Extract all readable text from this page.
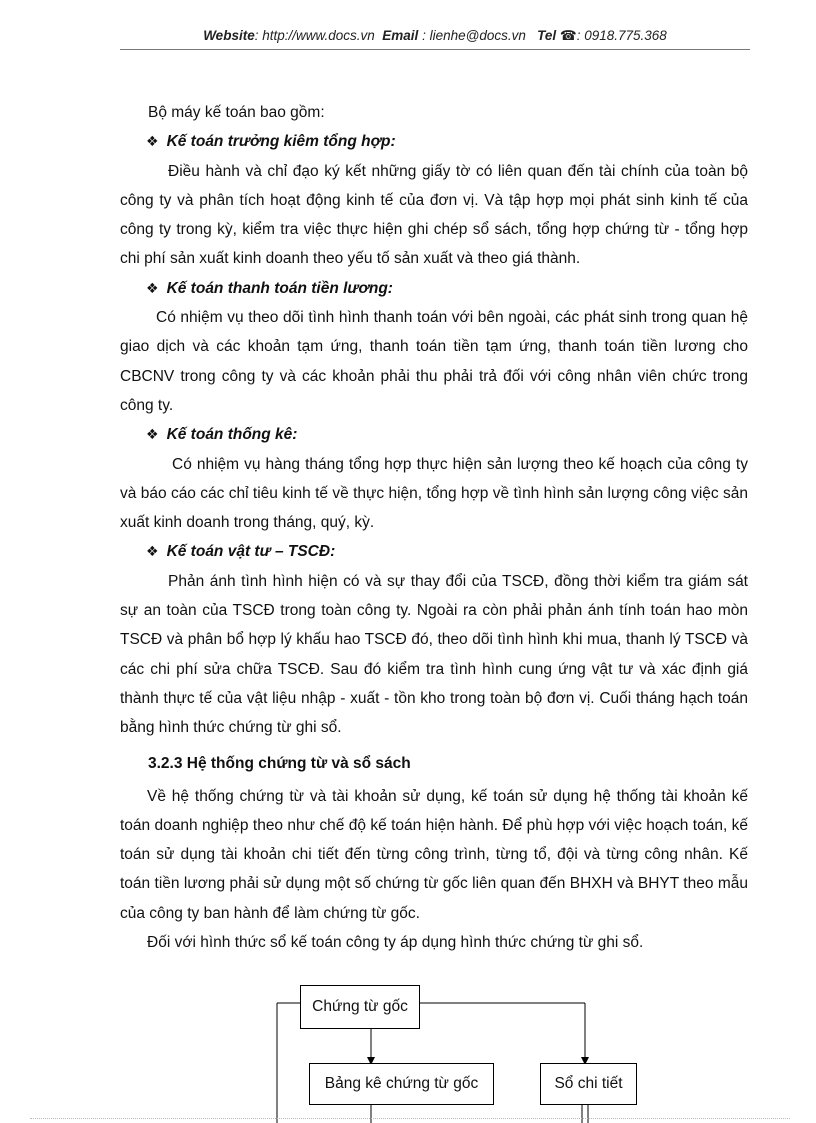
Website: http://www.docs.vn Email : lienhe@docs.vn Tel ☎: 0918.775.368

Bộ máy kế toán bao gồm:

❖ Kế toán trưởng kiêm tổng hợp:

Điều hành và chỉ đạo ký kết những giấy tờ có liên quan đến tài chính của toàn bộ công ty và phân tích hoạt động kinh tế của đơn vị. Và tập hợp mọi phát sinh kinh tế của công ty trong kỳ, kiểm tra việc thực hiện ghi chép sổ sách, tổng hợp chứng từ - tổng hợp chi phí sản xuất kinh doanh theo yếu tố sản xuất và theo giá thành.

❖ Kế toán thanh toán tiền lương:

Có nhiệm vụ theo dõi tình hình thanh toán với bên ngoài, các phát sinh trong quan hệ giao dịch và các khoản tạm ứng, thanh toán tiền tạm ứng, thanh toán tiền lương cho CBCNV trong công ty và các khoản phải thu phải trả đối với công nhân viên chức trong công ty.

❖ Kế toán thống kê:

Có nhiệm vụ hàng tháng tổng hợp thực hiện sản lượng theo kế hoạch của công ty và báo cáo các chỉ tiêu kinh tế về thực hiện, tổng hợp về tình hình sản lượng công việc sản xuất kinh doanh trong tháng, quý, kỳ.

❖ Kế toán vật tư – TSCĐ:

Phản ánh tình hình hiện có và sự thay đổi của TSCĐ, đồng thời kiểm tra giám sát sự an toàn của TSCĐ trong toàn công ty. Ngoài ra còn phải phản ánh tính toán hao mòn TSCĐ và phân bổ hợp lý khấu hao TSCĐ đó, theo dõi tình hình khi mua, thanh lý TSCĐ và các chi phí sửa chữa TSCĐ. Sau đó kiểm tra tình hình cung ứng vật tư và xác định giá thành thực tế của vật liệu nhập - xuất - tồn kho trong toàn bộ đơn vị. Cuối tháng hạch toán bằng hình thức chứng từ ghi sổ.

3.2.3 Hệ thống chứng từ và sổ sách

Về hệ thống chứng từ và tài khoản sử dụng, kế toán sử dụng hệ thống tài khoản kế toán doanh nghiệp theo như chế độ kế toán hiện hành. Để phù hợp với việc hoạch toán, kế toán sử dụng tài khoản chi tiết đến từng công trình, từng tổ, đội và từng công nhân. Kế toán tiền lương phải sử dụng một số chứng từ gốc liên quan đến BHXH và BHYT theo mẫu của công ty ban hành để làm chứng từ gốc.

Đối với hình thức sổ kế toán công ty áp dụng hình thức chứng từ ghi sổ.

Chứng từ gốc
Bảng kê chứng từ gốc	Sổ chi tiết
